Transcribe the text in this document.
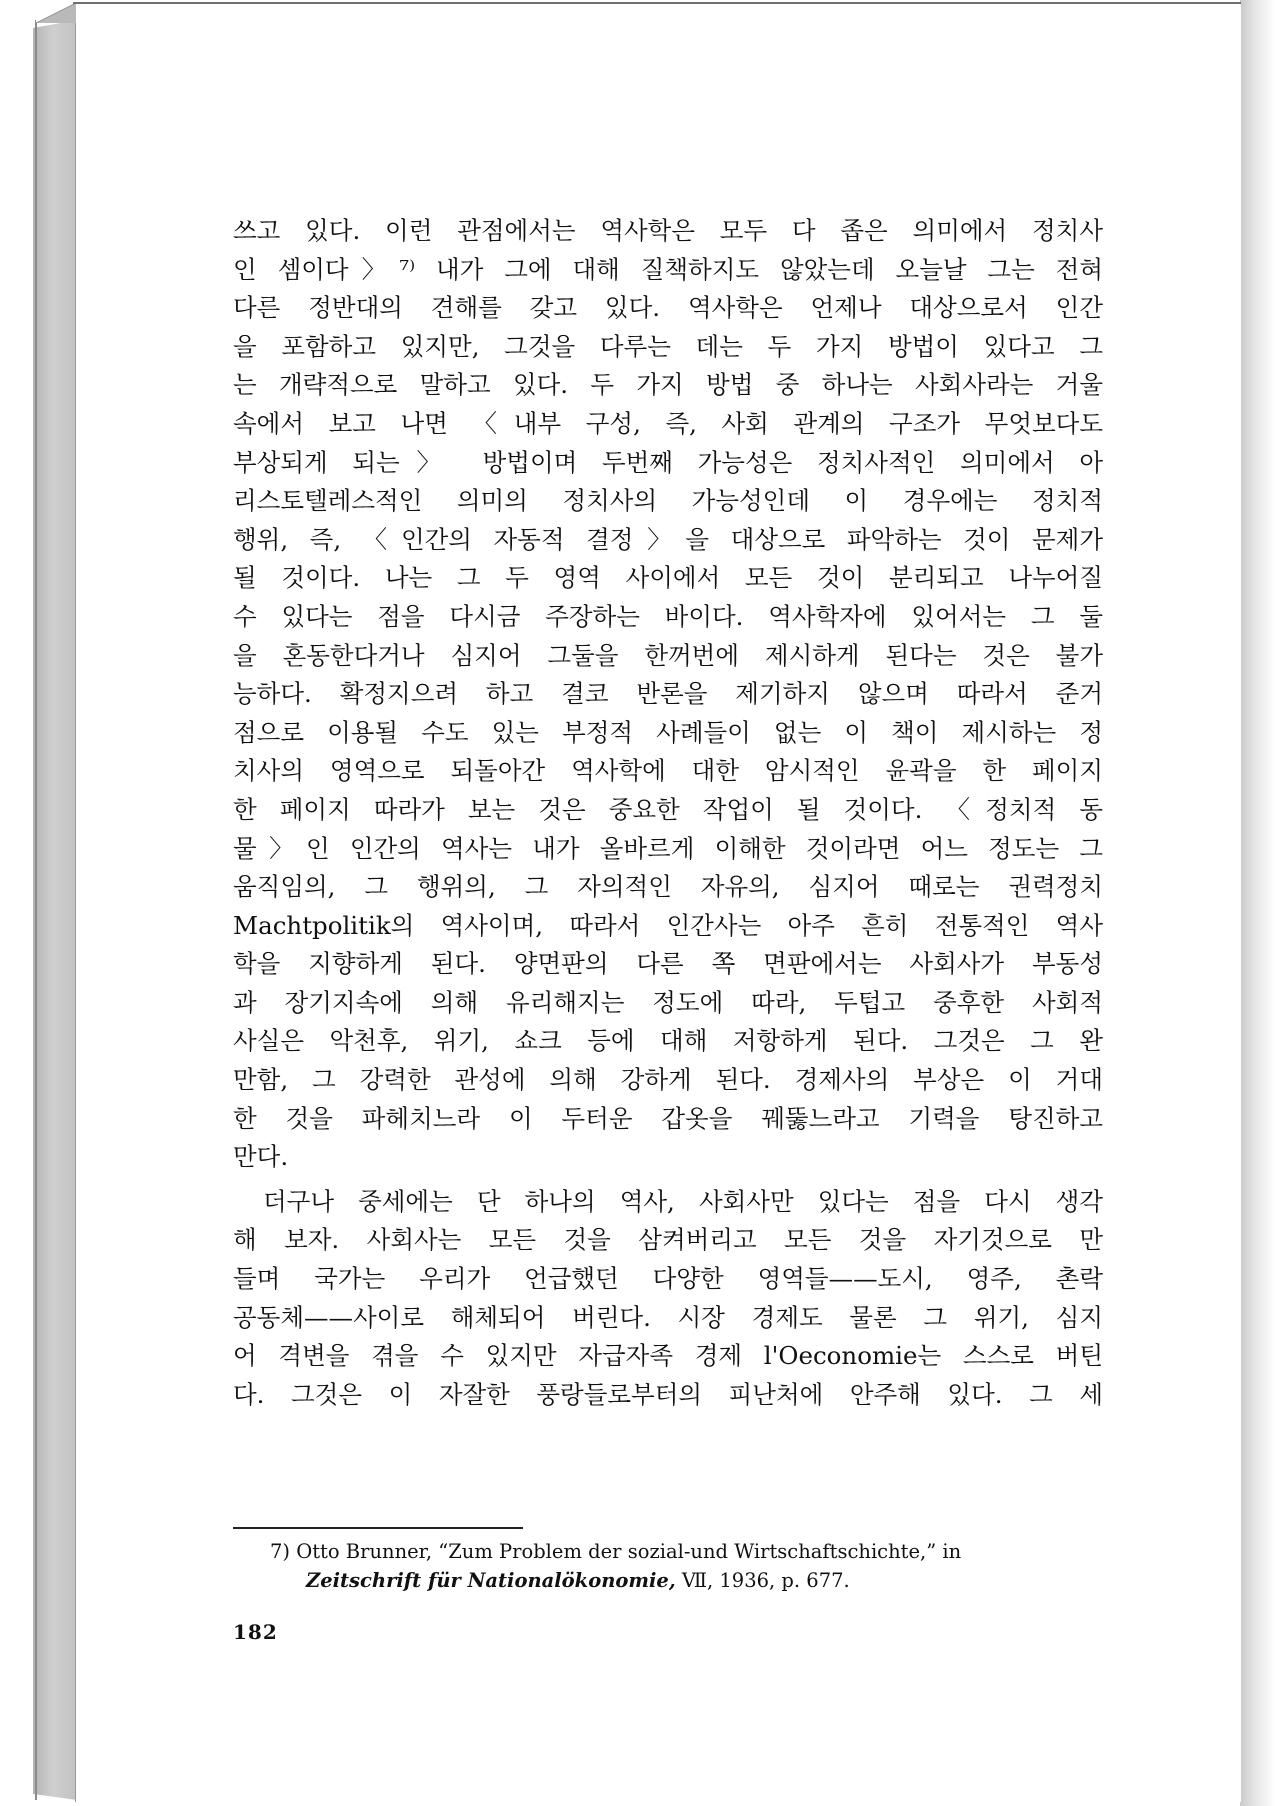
쓰고 있다. 이런 관점에서는 역사학은 모두 다 좁은 의미에서 정치사
인 셈이다〉⁷⁾ 내가 그에 대해 질책하지도 않았는데 오늘날 그는 전혀
다른 정반대의 견해를 갖고 있다. 역사학은 언제나 대상으로서 인간
을 포함하고 있지만, 그것을 다루는 데는 두 가지 방법이 있다고 그
는 개략적으로 말하고 있다. 두 가지 방법 중 하나는 사회사라는 거울
속에서 보고 나면 〈내부 구성, 즉, 사회 관계의 구조가 무엇보다도
부상되게 되는〉 방법이며 두번째 가능성은 정치사적인 의미에서 아
리스토텔레스적인 의미의 정치사의 가능성인데 이 경우에는 정치적
행위, 즉, 〈인간의 자동적 결정〉을 대상으로 파악하는 것이 문제가
될 것이다. 나는 그 두 영역 사이에서 모든 것이 분리되고 나누어질
수 있다는 점을 다시금 주장하는 바이다. 역사학자에 있어서는 그 둘
을 혼동한다거나 심지어 그둘을 한꺼번에 제시하게 된다는 것은 불가
능하다. 확정지으려 하고 결코 반론을 제기하지 않으며 따라서 준거
점으로 이용될 수도 있는 부정적 사례들이 없는 이 책이 제시하는 정
치사의 영역으로 되돌아간 역사학에 대한 암시적인 윤곽을 한 페이지
한 페이지 따라가 보는 것은 중요한 작업이 될 것이다. 〈정치적 동
물〉인 인간의 역사는 내가 올바르게 이해한 것이라면 어느 정도는 그
움직임의, 그 행위의, 그 자의적인 자유의, 심지어 때로는 권력정치
Machtpolitik의 역사이며, 따라서 인간사는 아주 흔히 전통적인 역사
학을 지향하게 된다. 양면판의 다른 쪽 면판에서는 사회사가 부동성
과 장기지속에 의해 유리해지는 정도에 따라, 두텁고 중후한 사회적
사실은 악천후, 위기, 쇼크 등에 대해 저항하게 된다. 그것은 그 완
만함, 그 강력한 관성에 의해 강하게 된다. 경제사의 부상은 이 거대
한 것을 파헤치느라 이 두터운 갑옷을 꿰뚫느라고 기력을 탕진하고
만다.
더구나 중세에는 단 하나의 역사, 사회사만 있다는 점을 다시 생각
해 보자. 사회사는 모든 것을 삼켜버리고 모든 것을 자기것으로 만
들며 국가는 우리가 언급했던 다양한 영역들——도시, 영주, 촌락
공동체——사이로 해체되어 버린다. 시장 경제도 물론 그 위기, 심지
어 격변을 겪을 수 있지만 자급자족 경제 l'Oeconomie는 스스로 버틴
다. 그것은 이 자잘한 풍랑들로부터의 피난처에 안주해 있다. 그 세
7) Otto Brunner, “Zum Problem der sozial-und Wirtschaftschichte,” in
Zeitschrift für Nationalökonomie, Ⅶ, 1936, p. 677.
182
